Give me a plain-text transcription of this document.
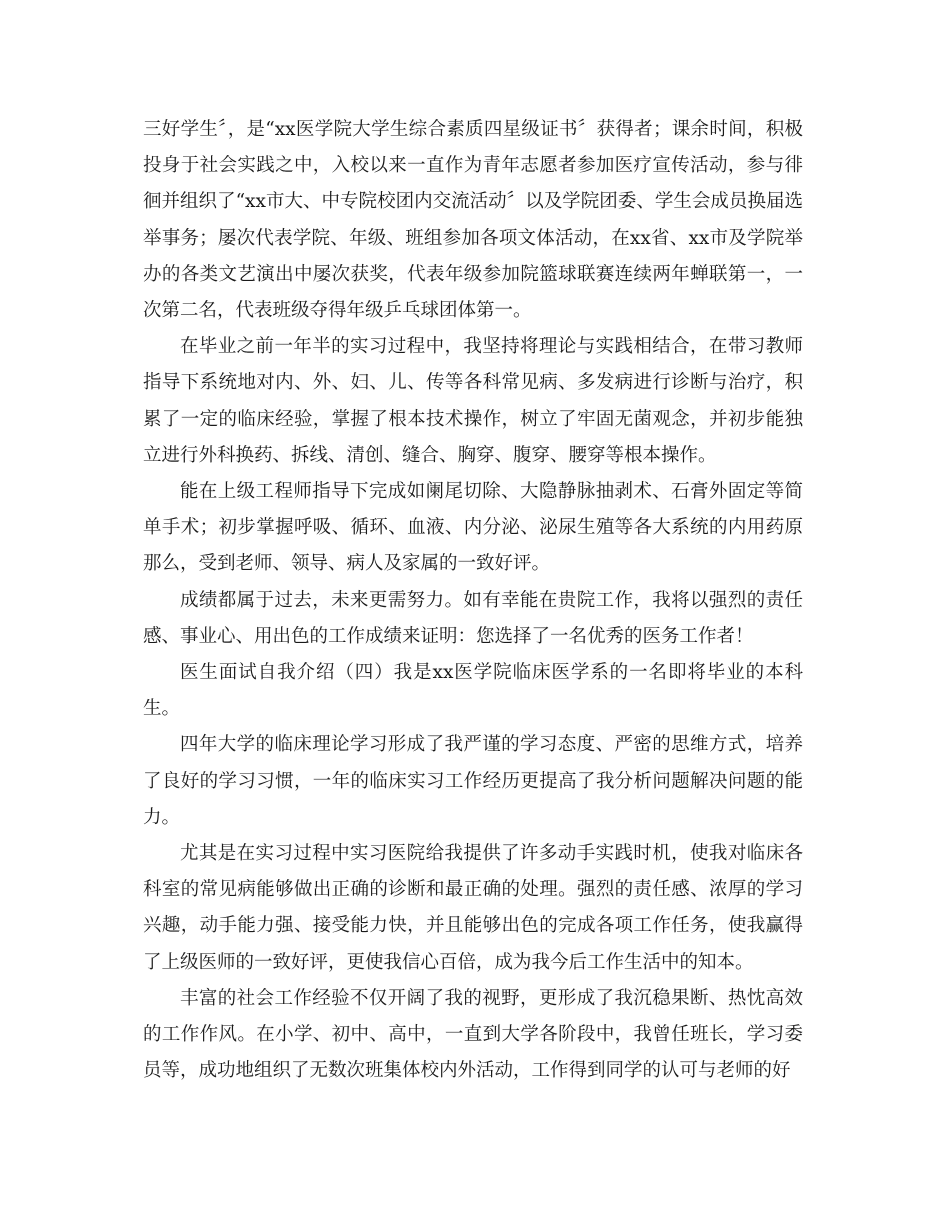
三好学生〞，是“xx医学院大学生综合素质四星级证书〞获得者；课余时间，积极投身于社会实践之中，入校以来一直作为青年志愿者参加医疗宣传活动，参与徘徊并组织了“xx市大、中专院校团内交流活动〞以及学院团委、学生会成员换届选举事务；屡次代表学院、年级、班组参加各项文体活动，在xx省、xx市及学院举办的各类文艺演出中屡次获奖，代表年级参加院篮球联赛连续两年蝉联第一，一次第二名，代表班级夺得年级乒乓球团体第一。

在毕业之前一年半的实习过程中，我坚持将理论与实践相结合，在带习教师指导下系统地对内、外、妇、儿、传等各科常见病、多发病进行诊断与治疗，积累了一定的临床经验，掌握了根本技术操作，树立了牢固无菌观念，并初步能独立进行外科换药、拆线、清创、缝合、胸穿、腹穿、腰穿等根本操作。

能在上级工程师指导下完成如阑尾切除、大隐静脉抽剥术、石膏外固定等简单手术；初步掌握呼吸、循环、血液、内分泌、泌尿生殖等各大系统的内用药原那么，受到老师、领导、病人及家属的一致好评。

成绩都属于过去，未来更需努力。如有幸能在贵院工作，我将以强烈的责任感、事业心、用出色的工作成绩来证明：您选择了一名优秀的医务工作者！

医生面试自我介绍（四）我是xx医学院临床医学系的一名即将毕业的本科生。

四年大学的临床理论学习形成了我严谨的学习态度、严密的思维方式，培养了良好的学习习惯，一年的临床实习工作经历更提高了我分析问题解决问题的能力。

尤其是在实习过程中实习医院给我提供了许多动手实践时机，使我对临床各科室的常见病能够做出正确的诊断和最正确的处理。强烈的责任感、浓厚的学习兴趣，动手能力强、接受能力快，并且能够出色的完成各项工作任务，使我赢得了上级医师的一致好评，更使我信心百倍，成为我今后工作生活中的知本。

丰富的社会工作经验不仅开阔了我的视野，更形成了我沉稳果断、热忱高效的工作作风。在小学、初中、高中，一直到大学各阶段中，我曾任班长，学习委员等，成功地组织了无数次班集体校内外活动，工作得到同学的认可与老师的好
